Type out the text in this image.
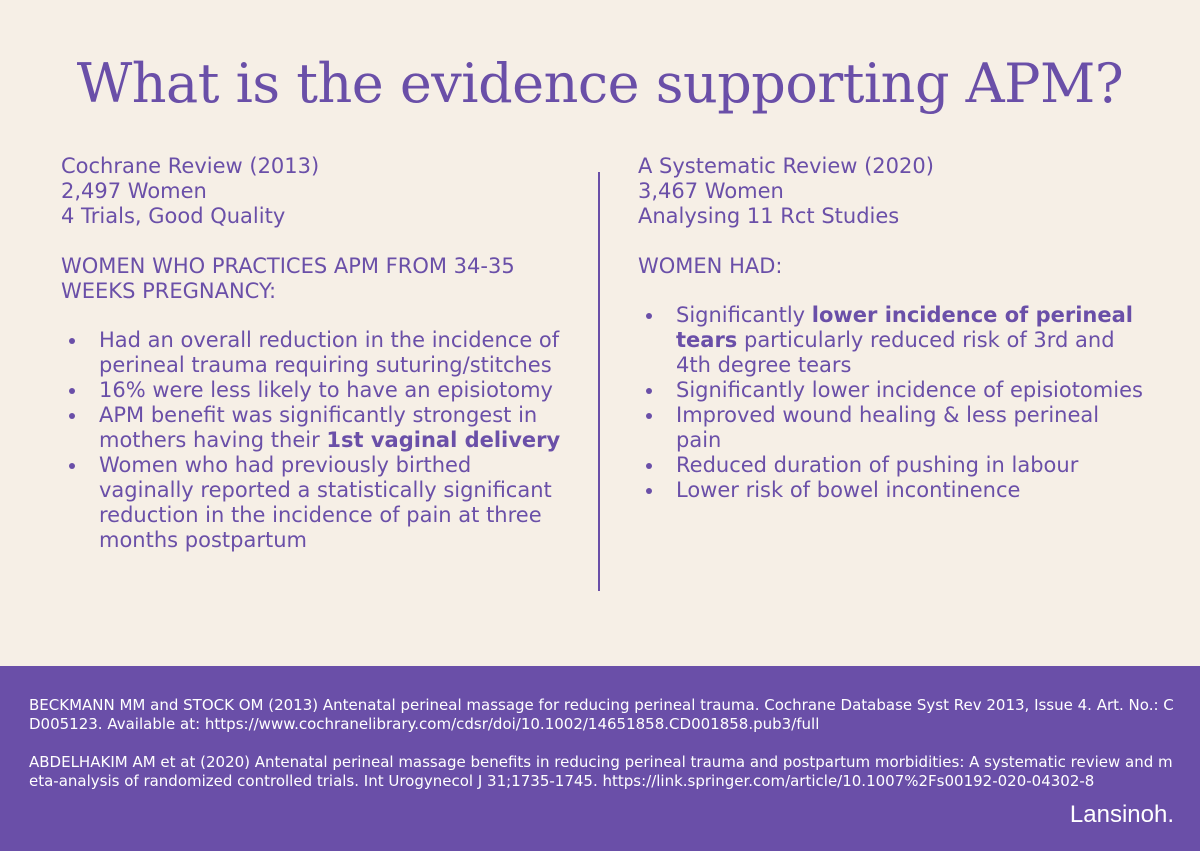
What is the evidence supporting APM?
Cochrane Review (2013)
2,497 Women
4 Trials, Good Quality
WOMEN WHO PRACTICES APM FROM 34-35 WEEKS PREGNANCY:
Had an overall reduction in the incidence of perineal trauma requiring suturing/stitches
16% were less likely to have an episiotomy
APM benefit was significantly strongest in mothers having their 1st vaginal delivery
Women who had previously birthed vaginally reported a statistically significant reduction in the incidence of pain at three months postpartum
A Systematic Review (2020)
3,467 Women
Analysing 11 Rct Studies
WOMEN HAD:
Significantly lower incidence of perineal tears particularly reduced risk of 3rd and 4th degree tears
Significantly lower incidence of episiotomies
Improved wound healing & less perineal pain
Reduced duration of pushing in labour
Lower risk of bowel incontinence

BECKMANN MM and STOCK OM (2013) Antenatal perineal massage for reducing perineal trauma. Cochrane Database Syst Rev 2013, Issue 4. Art. No.: CD005123. Available at: https://www.cochranelibrary.com/cdsr/doi/10.1002/14651858.CD001858.pub3/full

ABDELHAKIM AM et at (2020) Antenatal perineal massage benefits in reducing perineal trauma and postpartum morbidities: A systematic review and meta-analysis of randomized controlled trials. Int Urogynecol J 31;1735-1745. https://link.springer.com/article/10.1007%2Fs00192-020-04302-8

Lansinoh.
